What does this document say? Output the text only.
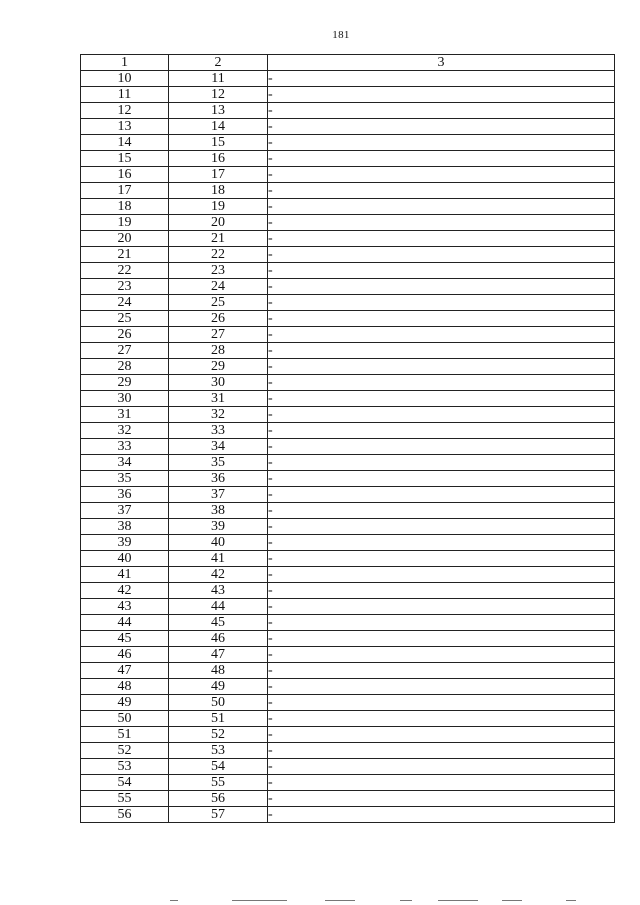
181
1	2	3
10	11	-
11	12	-
12	13	-
13	14	-
14	15	-
15	16	-
16	17	-
17	18	-
18	19	-
19	20	-
20	21	-
21	22	-
22	23	-
23	24	-
24	25	-
25	26	-
26	27	-
27	28	-
28	29	-
29	30	-
30	31	-
31	32	-
32	33	-
33	34	-
34	35	-
35	36	-
36	37	-
37	38	-
38	39	-
39	40	-
40	41	-
41	42	-
42	43	-
43	44	-
44	45	-
45	46	-
46	47	-
47	48	-
48	49	-
49	50	-
50	51	-
51	52	-
52	53	-
53	54	-
54	55	-
55	56	-
56	57	-
